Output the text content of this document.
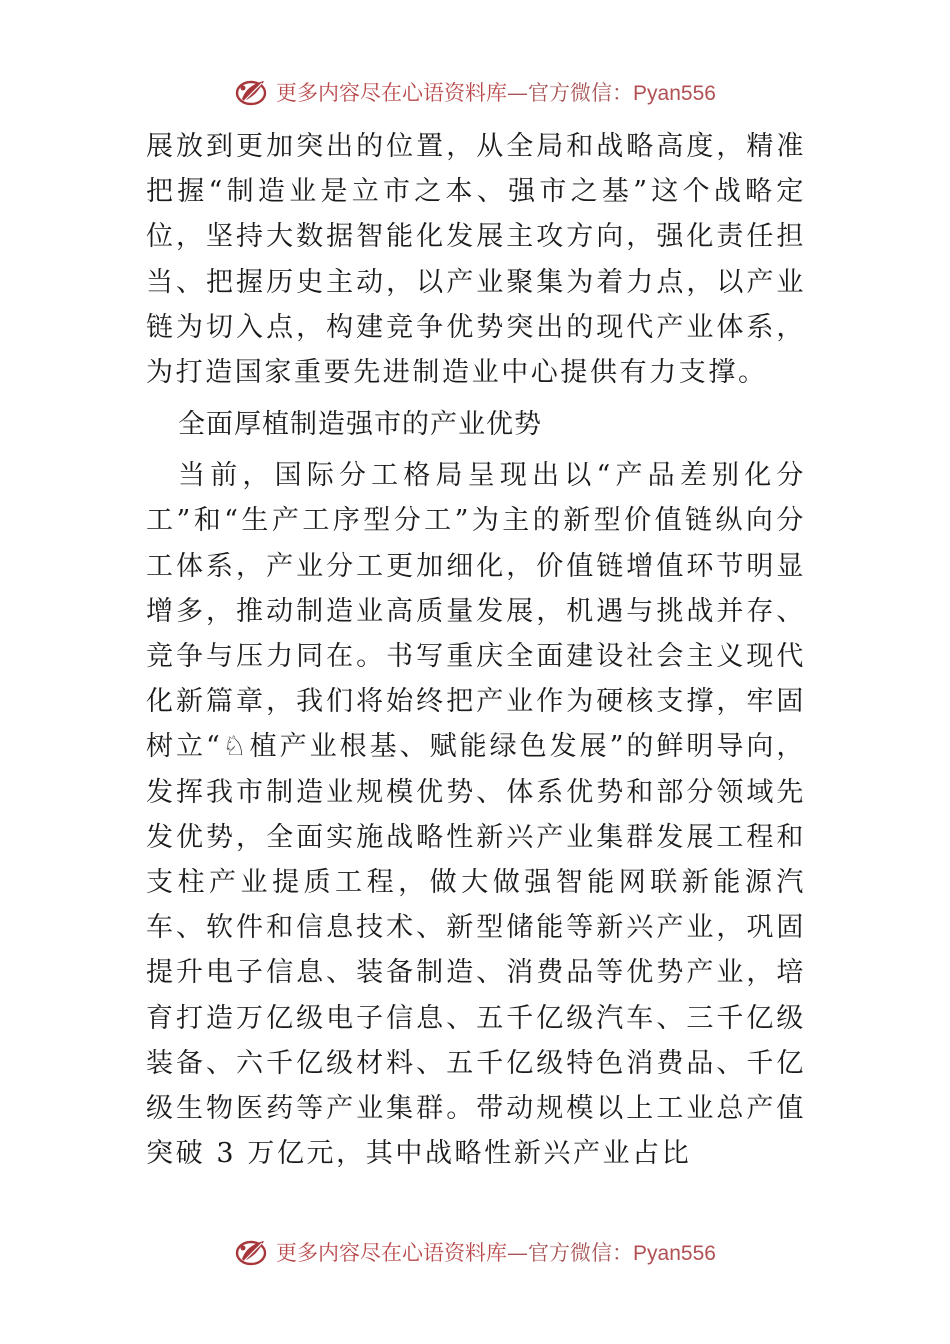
更多内容尽在心语资料库—官方微信：Pyan556

展放到更加突出的位置，从全局和战略高度，精准把握“制造业是立市之本、强市之基”这个战略定位，坚持大数据智能化发展主攻方向，强化责任担当、把握历史主动，以产业聚集为着力点，以产业链为切入点，构建竞争优势突出的现代产业体系，为打造国家重要先进制造业中心提供有力支撑。

全面厚植制造强市的产业优势

当前，国际分工格局呈现出以“产品差别化分工”和“生产工序型分工”为主的新型价值链纵向分工体系，产业分工更加细化，价值链增值环节明显增多，推动制造业高质量发展，机遇与挑战并存、竞争与压力同在。书写重庆全面建设社会主义现代化新篇章，我们将始终把产业作为硬核支撑，牢固树立“♘植产业根基、赋能绿色发展”的鲜明导向，发挥我市制造业规模优势、体系优势和部分领域先发优势，全面实施战略性新兴产业集群发展工程和支柱产业提质工程，做大做强智能网联新能源汽车、软件和信息技术、新型储能等新兴产业，巩固提升电子信息、装备制造、消费品等优势产业，培育打造万亿级电子信息、五千亿级汽车、三千亿级装备、六千亿级材料、五千亿级特色消费品、千亿级生物医药等产业集群。带动规模以上工业总产值突破 3 万亿元，其中战略性新兴产业占比

更多内容尽在心语资料库—官方微信：Pyan556
